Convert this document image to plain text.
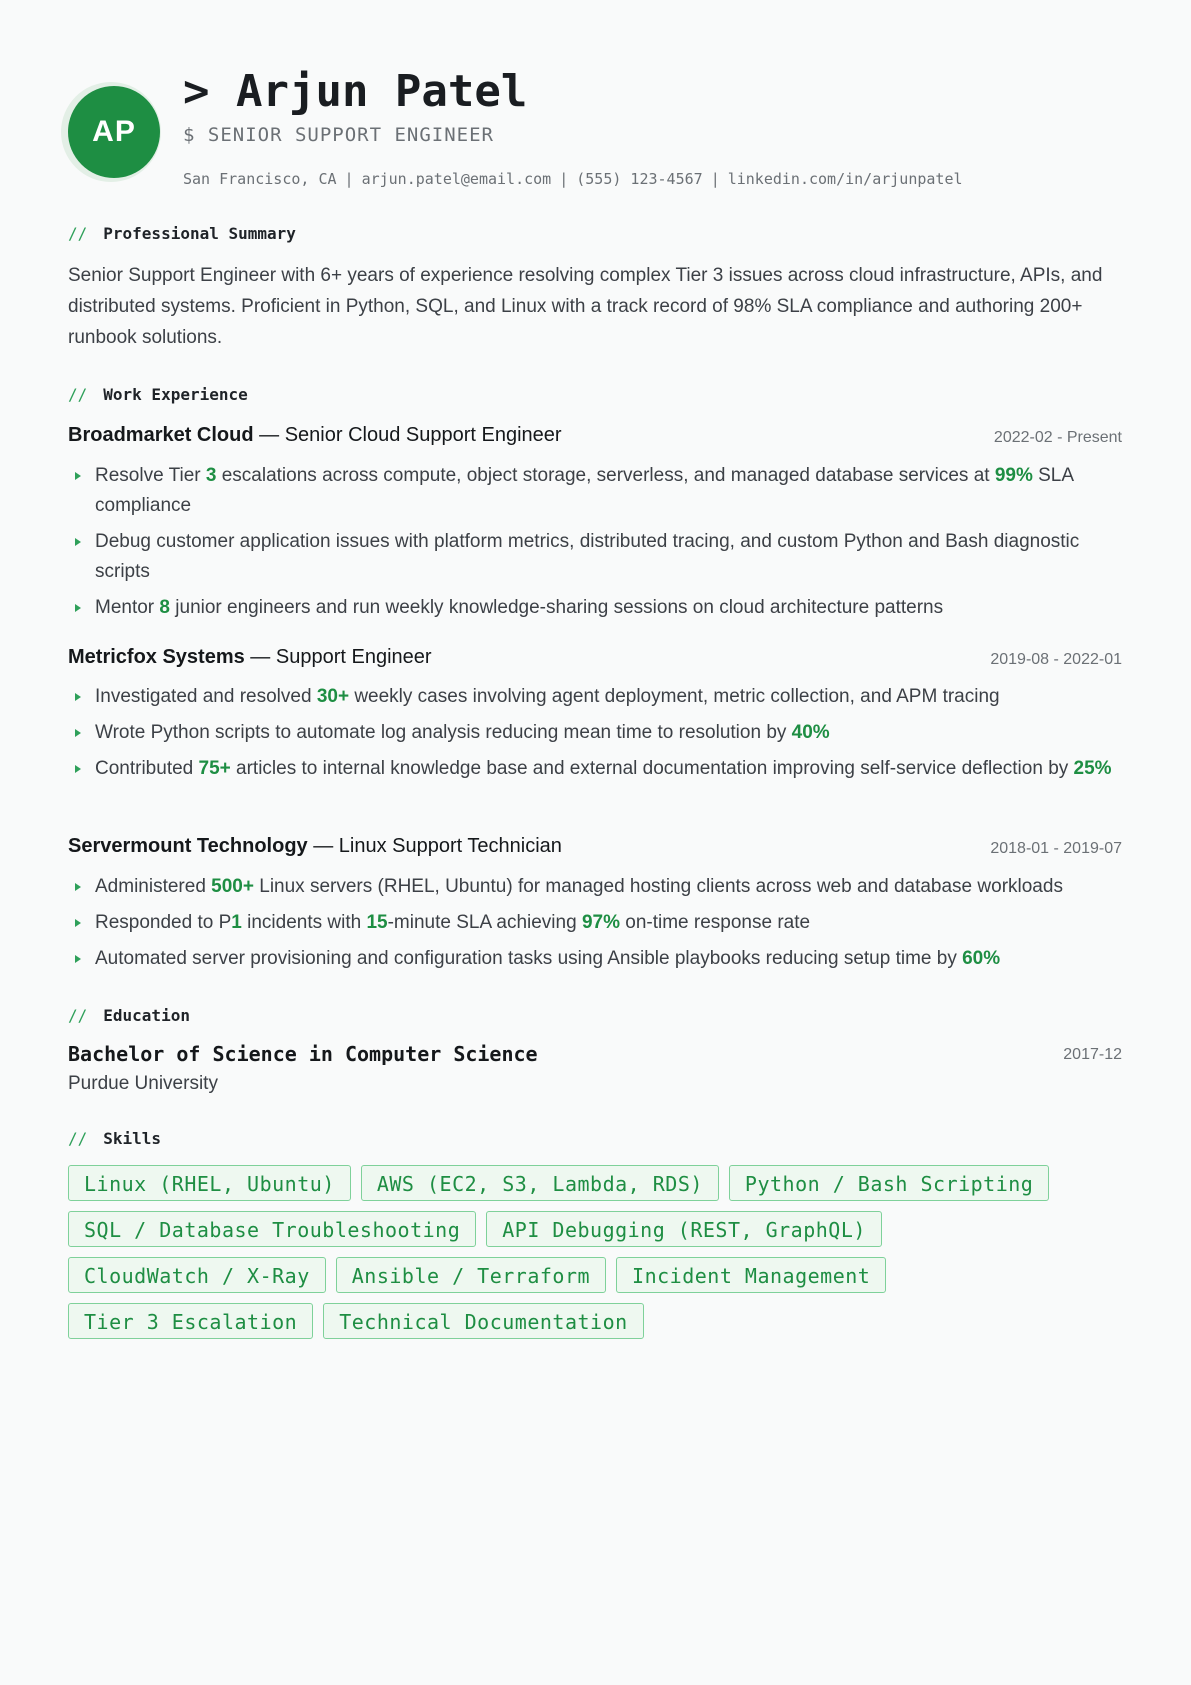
AP
> Arjun Patel
$ SENIOR SUPPORT ENGINEER
San Francisco, CA | arjun.patel@email.com | (555) 123-4567 | linkedin.com/in/arjunpatel
// Professional Summary

Senior Support Engineer with 6+ years of experience resolving complex Tier 3 issues across cloud infrastructure, APIs, and distributed systems. Proficient in Python, SQL, and Linux with a track record of 98% SLA compliance and authoring 200+ runbook solutions.

// Work Experience
Broadmarket Cloud — Senior Cloud Support Engineer	2022-02 - Present
Resolve Tier 3 escalations across compute, object storage, serverless, and managed database services at 99% SLA compliance
Debug customer application issues with platform metrics, distributed tracing, and custom Python and Bash diagnostic scripts
Mentor 8 junior engineers and run weekly knowledge-sharing sessions on cloud architecture patterns
Metricfox Systems — Support Engineer	2019-08 - 2022-01
Investigated and resolved 30+ weekly cases involving agent deployment, metric collection, and APM tracing
Wrote Python scripts to automate log analysis reducing mean time to resolution by 40%
Contributed 75+ articles to internal knowledge base and external documentation improving self-service deflection by 25%
Servermount Technology — Linux Support Technician	2018-01 - 2019-07
Administered 500+ Linux servers (RHEL, Ubuntu) for managed hosting clients across web and database workloads
Responded to P1 incidents with 15-minute SLA achieving 97% on-time response rate
Automated server provisioning and configuration tasks using Ansible playbooks reducing setup time by 60%
// Education
Bachelor of Science in Computer Science	2017-12
Purdue University
// Skills
Linux (RHEL, Ubuntu)	AWS (EC2, S3, Lambda, RDS)	Python / Bash Scripting
SQL / Database Troubleshooting	API Debugging (REST, GraphQL)
CloudWatch / X-Ray	Ansible / Terraform	Incident Management
Tier 3 Escalation	Technical Documentation
